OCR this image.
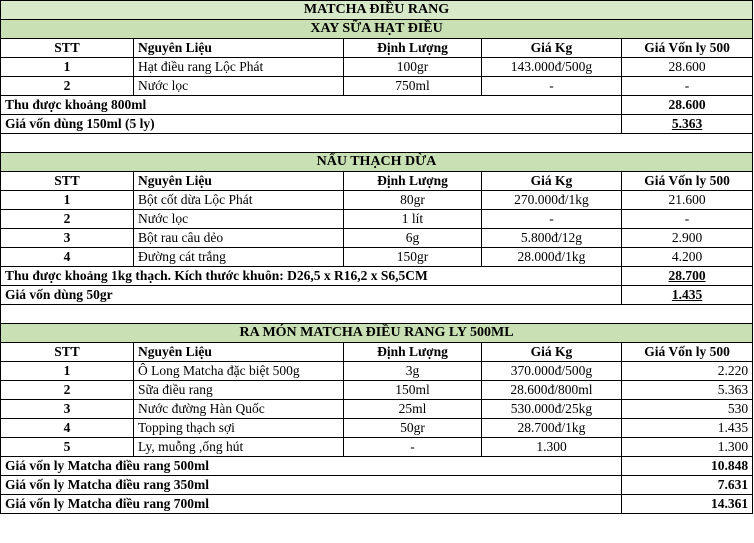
MATCHA ĐIỀU RANG				
XAY SỮA HẠT ĐIỀU				
STT	Nguyên Liệu	Định Lượng	Giá Kg	Giá Vốn ly 500
1	Hạt điều rang Lộc Phát	100gr	143.000đ/500g	28.600
2	Nước lọc	750ml	-	-
Thu được khoảng 800ml				28.600
Giá vốn dùng 150ml (5 ly)				5.363

NẤU THẠCH DỪA				
STT	Nguyên Liệu	Định Lượng	Giá Kg	Giá Vốn ly 500
1	Bột cốt dừa Lộc Phát	80gr	270.000đ/1kg	21.600
2	Nước lọc	1 lít	-	-
3	Bột rau câu dẻo	6g	5.800đ/12g	2.900
4	Đường cát trắng	150gr	28.000đ/1kg	4.200
Thu được khoảng 1kg thạch. Kích thước khuôn: D26,5 x R16,2 x S6,5CM				28.700
Giá vốn dùng 50gr				1.435

RA MÓN MATCHA ĐIỀU RANG LY 500ML				
STT	Nguyên Liệu	Định Lượng	Giá Kg	Giá Vốn ly 500
1	Ô Long Matcha đặc biệt 500g	3g	370.000đ/500g	2.220
2	Sữa điều rang	150ml	28.600đ/800ml	5.363
3	Nước đường Hàn Quốc	25ml	530.000đ/25kg	530
4	Topping thạch sợi	50gr	28.700đ/1kg	1.435
5	Ly, muỗng ,ống hút	-	1.300	1.300
Giá vốn ly Matcha điều rang 500ml				10.848
Giá vốn ly Matcha điều rang 350ml				7.631
Giá vốn ly Matcha điều rang 700ml				14.361
